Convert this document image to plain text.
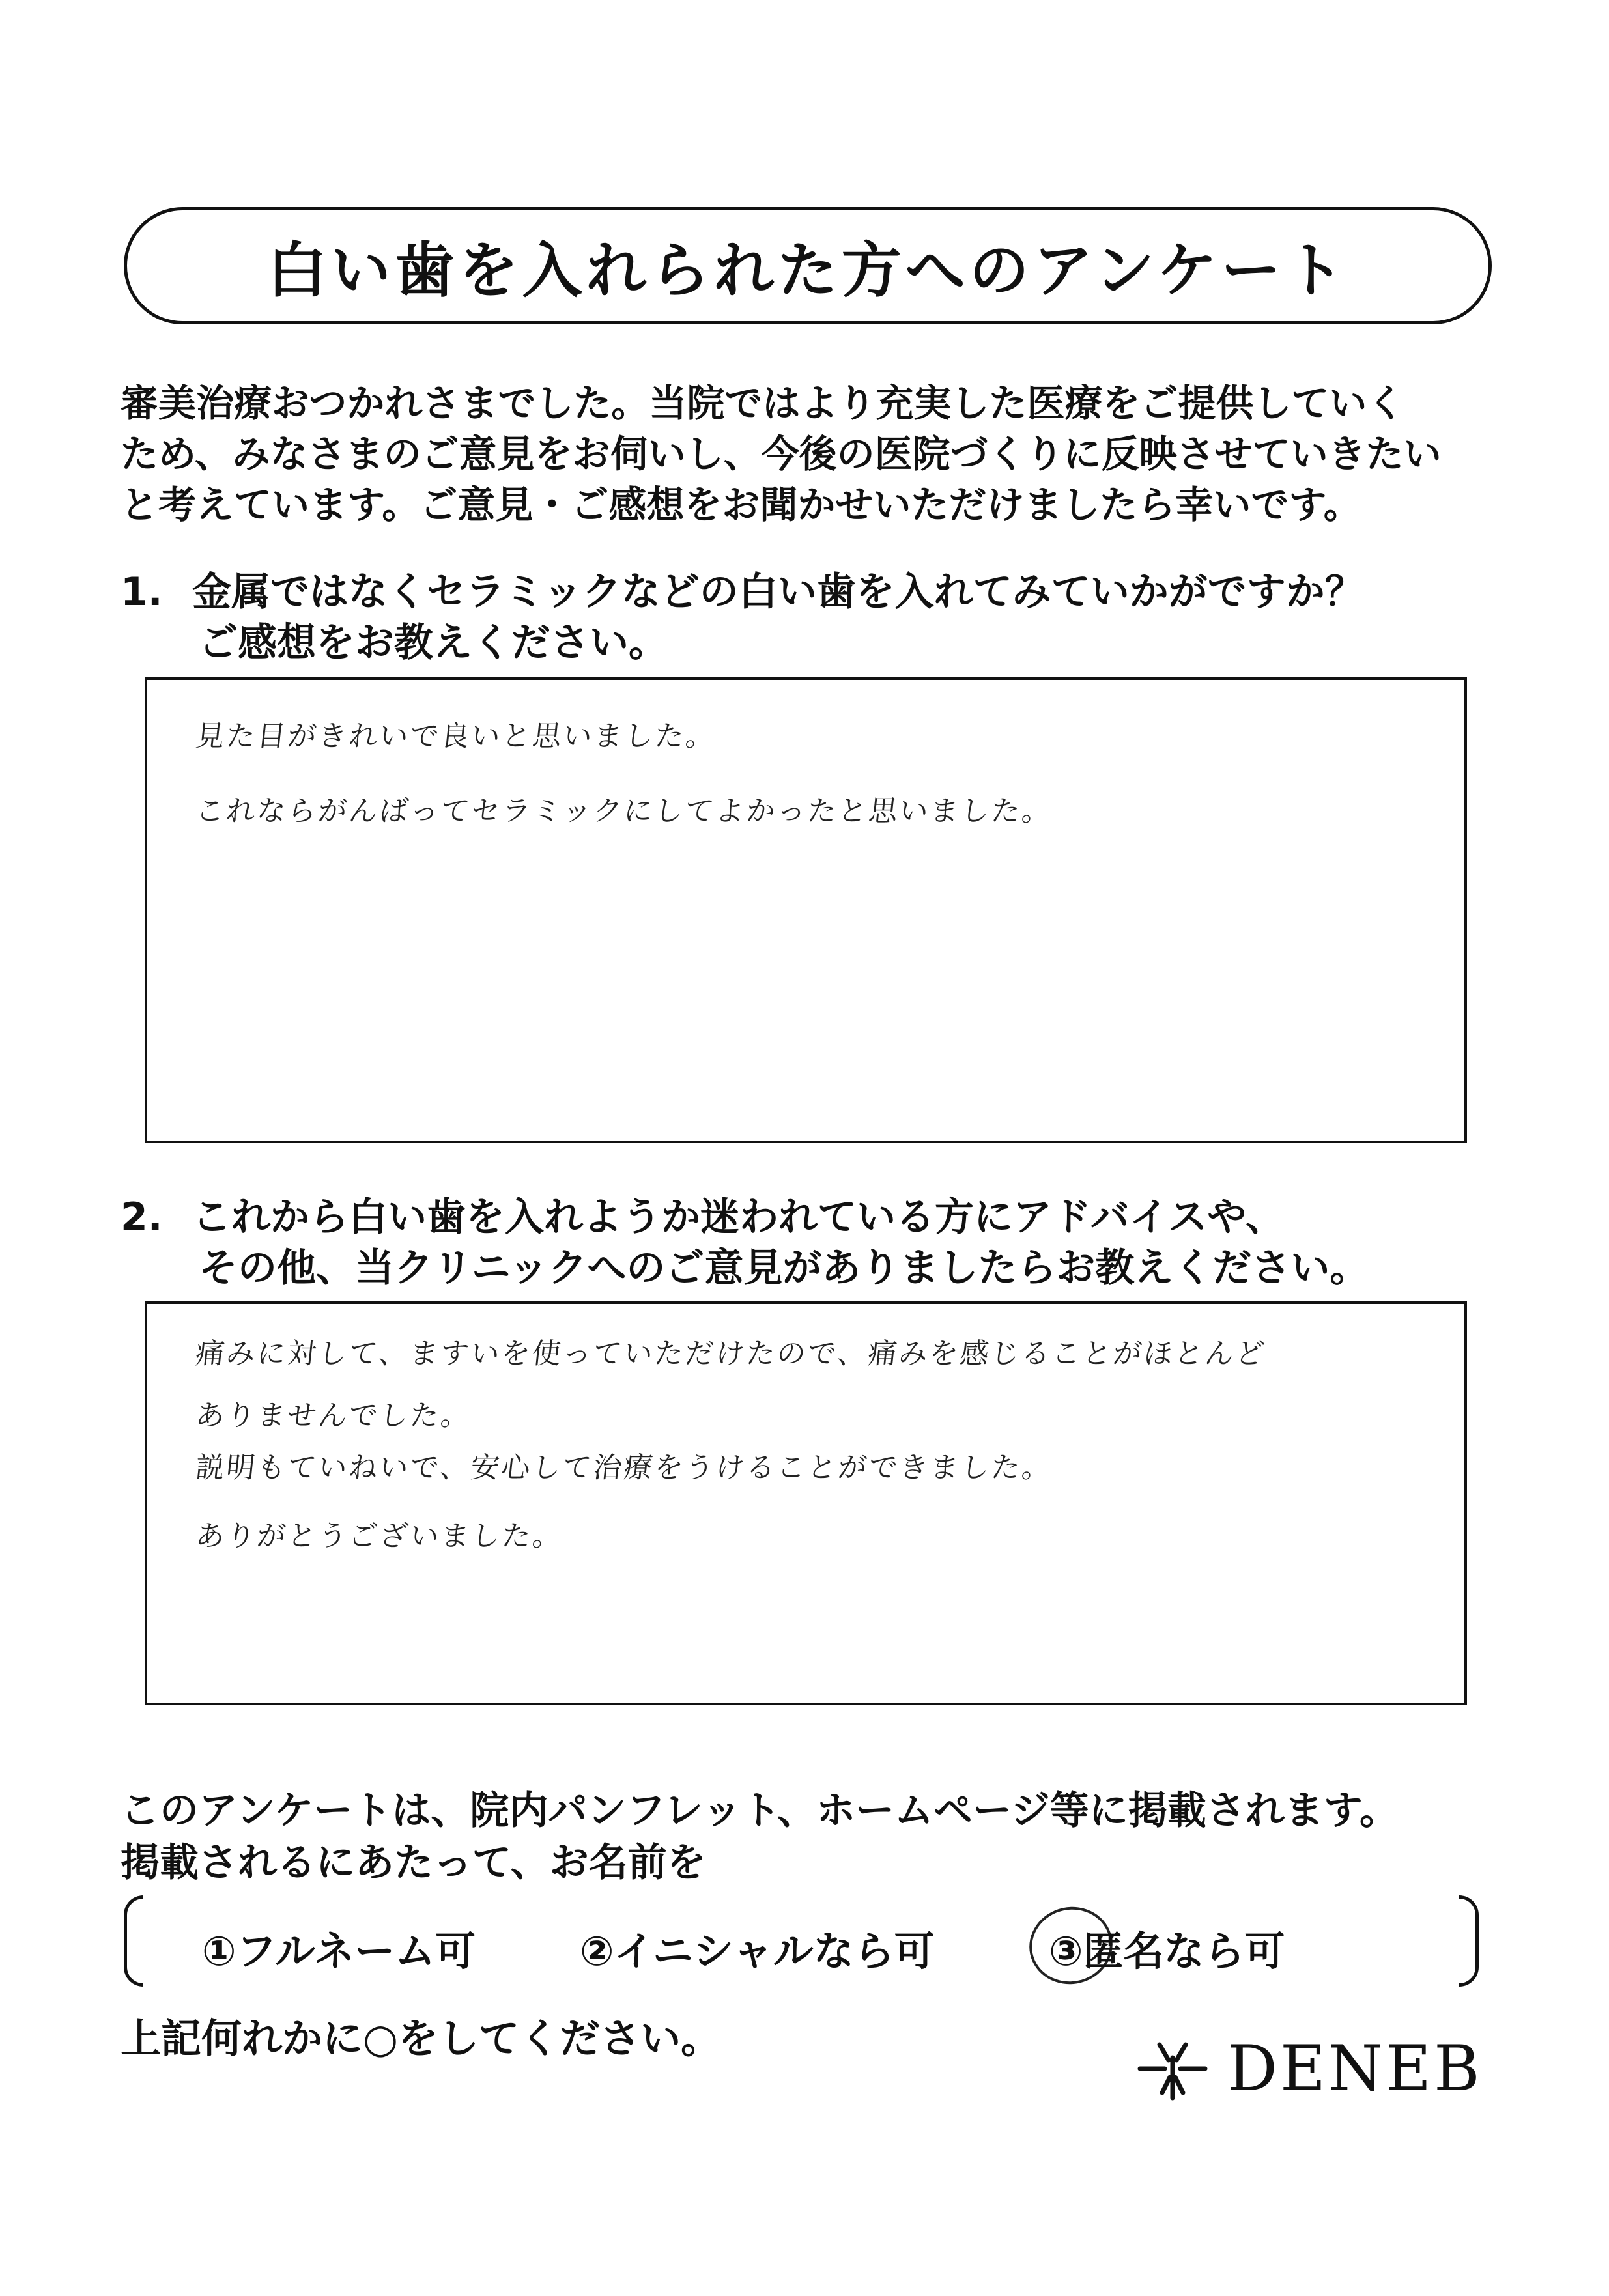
白い歯を入れられた方へのアンケート
審美治療おつかれさまでした。当院ではより充実した医療をご提供していく
ため、みなさまのご意見をお伺いし、今後の医院づくりに反映させていきたい
と考えています。ご意見・ご感想をお聞かせいただけましたら幸いです。
1. 金属ではなくセラミックなどの白い歯を入れてみていかがですか？
ご感想をお教えください。
見た目がきれいで良いと思いました。
これならがんばってセラミックにしてよかったと思いました。
2. これから白い歯を入れようか迷われている方にアドバイスや、
その他、当クリニックへのご意見がありましたらお教えください。
痛みに対して、ますいを使っていただけたので、痛みを感じることがほとんど
ありませんでした。
説明もていねいで、安心して治療をうけることができました。
ありがとうございました。
このアンケートは、院内パンフレット、ホームページ等に掲載されます。
掲載されるにあたって、お名前を
①フルネーム可	②イニシャルなら可	③匿名なら可
上記何れかに○をしてください。	DENEB
